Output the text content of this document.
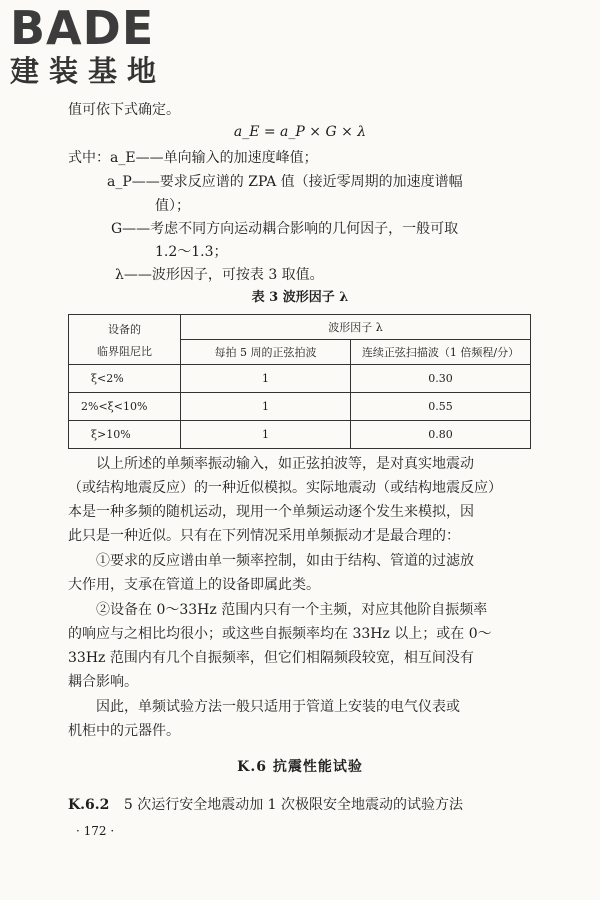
BADE
建装基地
值可依下式确定。
a_E = a_P × G × λ
式中：a_E——单向输入的加速度峰值；
a_P——要求反应谱的 ZPA 值（接近零周期的加速度谱幅
值）；
G——考虑不同方向运动耦合影响的几何因子，一般可取
1.2～1.3；
λ——波形因子，可按表 3 取值。
表 3 波形因子 λ
设备的
临界阻尼比	波形因子 λ	
	每拍 5 周的正弦拍波	连续正弦扫描波（1 倍频程/分）
ξ<2%	1	0.30
2%<ξ<10%	1	0.55
ξ>10%	1	0.80
以上所述的单频率振动输入，如正弦拍波等，是对真实地震动
（或结构地震反应）的一种近似模拟。实际地震动（或结构地震反应）
本是一种多频的随机运动，现用一个单频运动逐个发生来模拟，因
此只是一种近似。只有在下列情况采用单频振动才是最合理的：
①要求的反应谱由单一频率控制，如由于结构、管道的过滤放
大作用，支承在管道上的设备即属此类。
②设备在 0～33Hz 范围内只有一个主频，对应其他阶自振频率
的响应与之相比均很小；或这些自振频率均在 33Hz 以上；或在 0～
33Hz 范围内有几个自振频率，但它们相隔频段较宽，相互间没有
耦合影响。
因此，单频试验方法一般只适用于管道上安装的电气仪表或
机柜中的元器件。
K.6 抗震性能试验
K.6.2 5 次运行安全地震动加 1 次极限安全地震动的试验方法
· 172 ·
